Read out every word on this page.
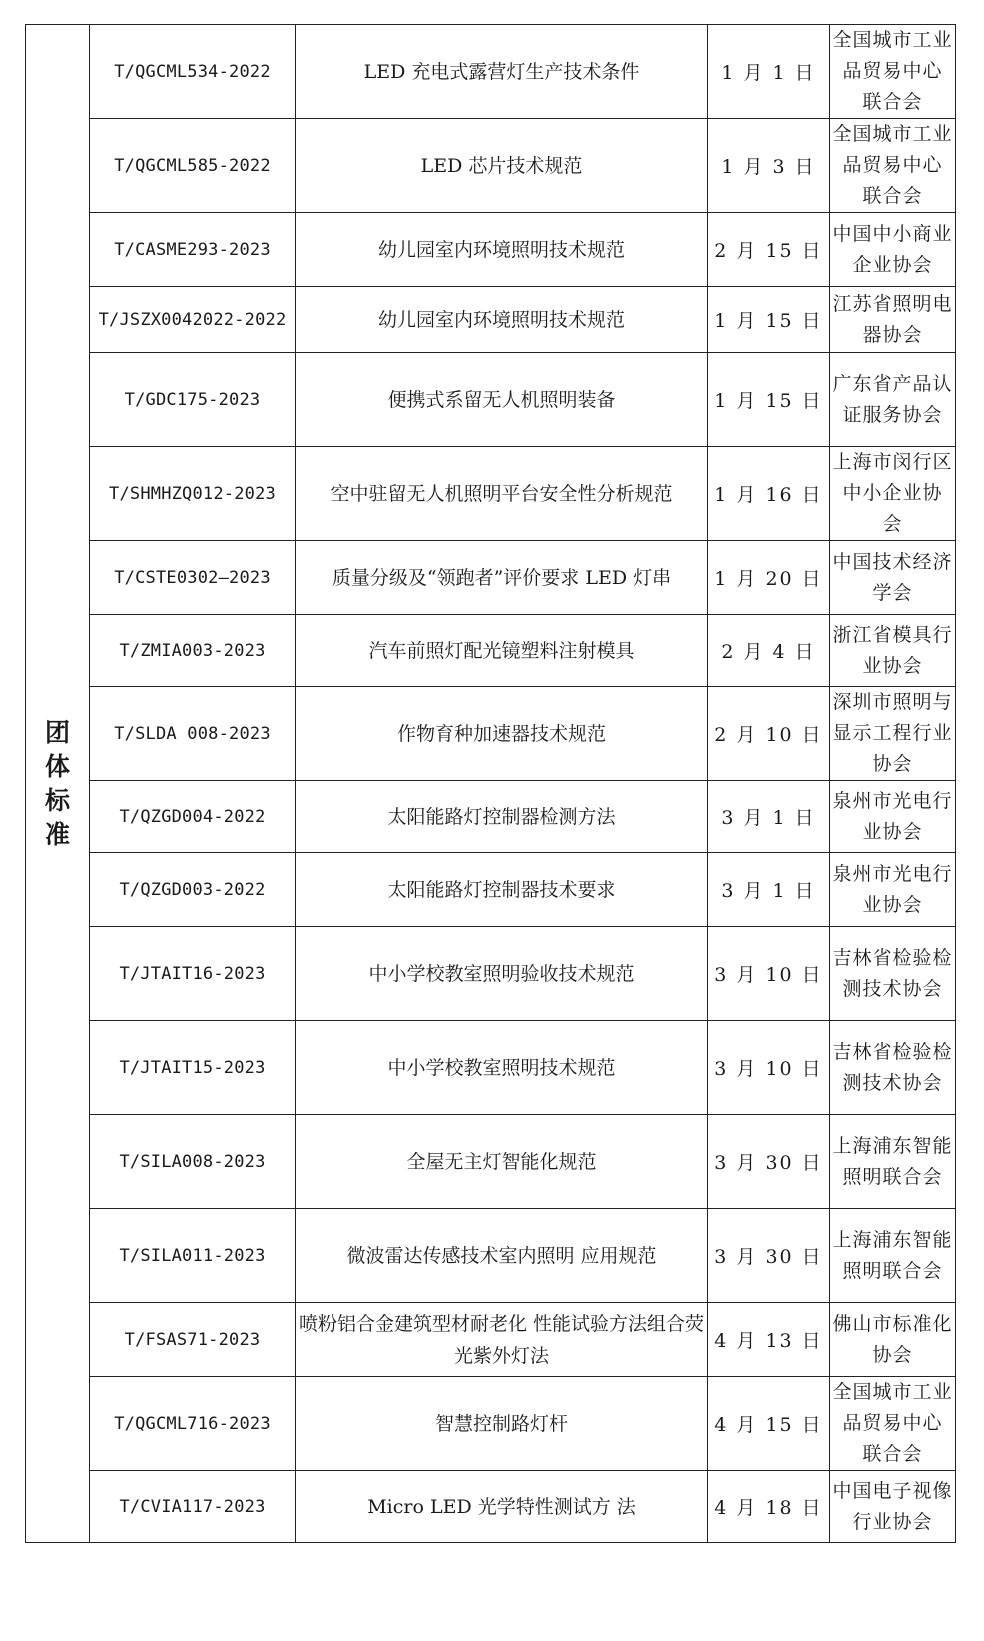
团
体
标
准	T/QGCML534-2022	LED 充电式露营灯生产技术条件	1 月 1 日	全国城市工业品贸易中心 联合会
	T/QGCML585-2022	LED 芯片技术规范	1 月 3 日	全国城市工业品贸易中心 联合会
	T/CASME293-2023	幼儿园室内环境照明技术规范	2 月 15 日	中国中小商业企业协会
	T/JSZX0042022-2022	幼儿园室内环境照明技术规范	1 月 15 日	江苏省照明电器协会
	T/GDC175-2023	便携式系留无人机照明装备	1 月 15 日	广东省产品认证服务协会
	T/SHMHZQ012-2023	空中驻留无人机照明平台安全性分析规范	1 月 16 日	上海市闵行区中小企业协 会
	T/CSTE0302—2023	质量分级及“领跑者”评价要求 LED 灯串	1 月 20 日	中国技术经济学会
	T/ZMIA003-2023	汽车前照灯配光镜塑料注射模具	2 月 4 日	浙江省模具行业协会
	T/SLDA 008-2023	作物育种加速器技术规范	2 月 10 日	深圳市照明与显示工程行业协会
	T/QZGD004-2022	太阳能路灯控制器检测方法	3 月 1 日	泉州市光电行业协会
	T/QZGD003-2022	太阳能路灯控制器技术要求	3 月 1 日	泉州市光电行业协会
	T/JTAIT16-2023	中小学校教室照明验收技术规范	3 月 10 日	吉林省检验检测技术协会
	T/JTAIT15-2023	中小学校教室照明技术规范	3 月 10 日	吉林省检验检测技术协会
	T/SILA008-2023	全屋无主灯智能化规范	3 月 30 日	上海浦东智能照明联合会
	T/SILA011-2023	微波雷达传感技术室内照明 应用规范	3 月 30 日	上海浦东智能照明联合会
	T/FSAS71-2023	喷粉铝合金建筑型材耐老化 性能试验方法组合荧光紫外灯法	4 月 13 日	佛山市标准化协会
	T/QGCML716-2023	智慧控制路灯杆	4 月 15 日	全国城市工业品贸易中心 联合会
	T/CVIA117-2023	Micro LED 光学特性测试方 法	4 月 18 日	中国电子视像行业协会
